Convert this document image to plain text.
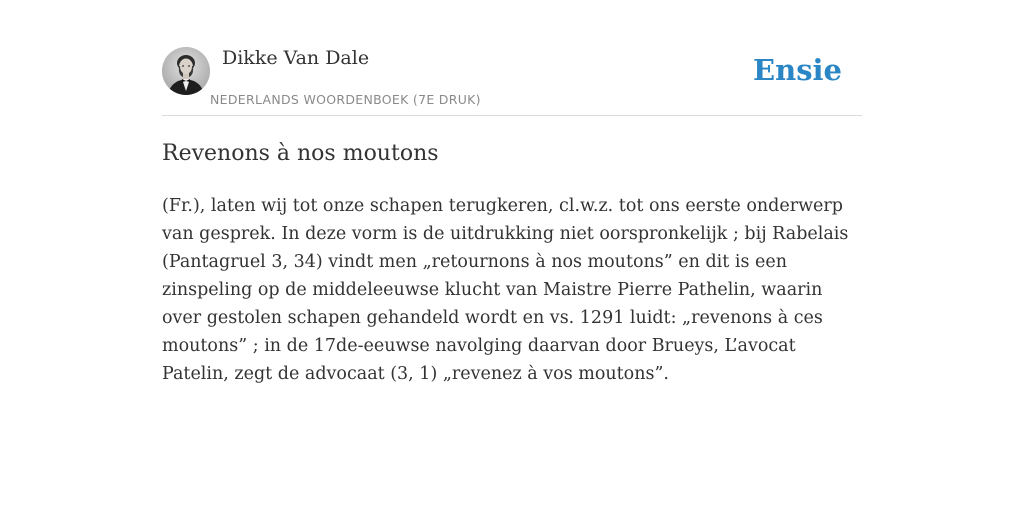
Dikke Van Dale
NEDERLANDS WOORDENBOEK (7E DRUK)
Ensie
Revenons à nos moutons

(Fr.), laten wij tot onze schapen terugkeren, cl.w.z. tot ons eerste onderwerp van gesprek. In deze vorm is de uitdrukking niet oorspronkelijk ; bij Rabelais (Pantagruel 3, 34) vindt men „retournons à nos moutons” en dit is een zinspeling op de middeleeuwse klucht van Maistre Pierre Pathelin, waarin over gestolen schapen gehandeld wordt en vs. 1291 luidt: „revenons à ces moutons” ; in de 17de-eeuwse navolging daarvan door Brueys, L’avocat Patelin, zegt de advocaat (3, 1) „revenez à vos moutons”.
